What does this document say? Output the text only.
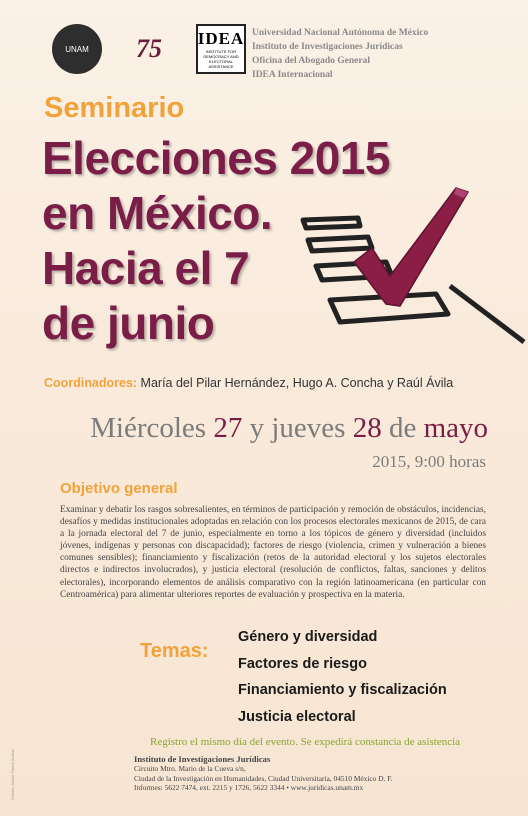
UNAM 75 IDEA
INSTITUTE FOR DEMOCRACY AND ELECTORAL ASSISTANCE
Universidad Nacional Autónoma de México
Instituto de Investigaciones Jurídicas
Oficina del Abogado General
IDEA Internacional
Seminario
Elecciones 2015
en México.
Hacia el 7
de junio
Coordinadores: María del Pilar Hernández, Hugo A. Concha y Raúl Ávila
Miércoles 27 y jueves 28 de mayo
2015, 9:00 horas
Objetivo general
Examinar y debatir los rasgos sobresalientes, en términos de participación y remoción de obstáculos, incidencias, desafíos y medidas institucionales adoptadas en relación con los procesos electorales mexicanos de 2015, de cara a la jornada electoral del 7 de junio, especialmente en torno a los tópicos de género y diversidad (incluidos jóvenes, indígenas y personas con discapacidad); factores de riesgo (violencia, crimen y vulneración a bienes comunes sensibles); financiamiento y fiscalización (retos de la autoridad electoral y los sujetos electorales directos e indirectos involucrados), y justicia electoral (resolución de conflictos, faltas, sanciones y delitos electorales), incorporando elementos de análisis comparativo con la región latinoamericana (en particular con Centroamérica) para alimentar ulteriores reportes de evaluación y prospectiva en la materia.
Temas:
Género y diversidad
Factores de riesgo
Financiamiento y fiscalización
Justicia electoral
Registro el mismo día del evento. Se expedirá constancia de asistencia
Instituto de Investigaciones Jurídicas
Circuito Mtro. Mario de la Cueva s/n,
Ciudad de la Investigación en Humanidades, Ciudad Universitaria, 04510 México D. F.
Informes: 5622 7474, ext. 2215 y 1726, 5622 3344 • www.juridicas.unam.mx
Diseño: Arturo Flores Ávalos
